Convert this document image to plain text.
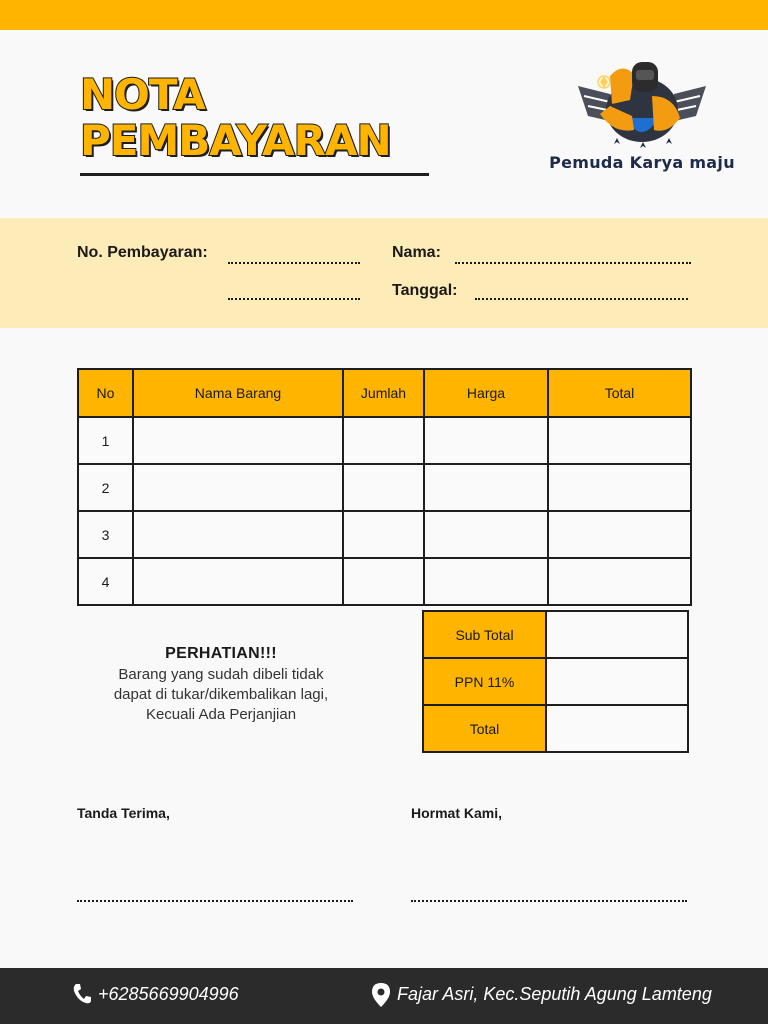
NOTA
PEMBAYARAN	Pemuda Karya maju
No. Pembayaran:	Nama:
Tanggal:
No	Nama Barang	Jumlah	Harga	Total
1				
2				
3				
4				
Sub Total	
PPN 11%	
Total	
PERHATIAN!!!
Barang yang sudah dibeli tidak
dapat di tukar/dikembalikan lagi,
Kecuali Ada Perjanjian
Tanda Terima,	Hormat Kami,
+6285669904996	Fajar Asri, Kec.Seputih Agung Lamteng
